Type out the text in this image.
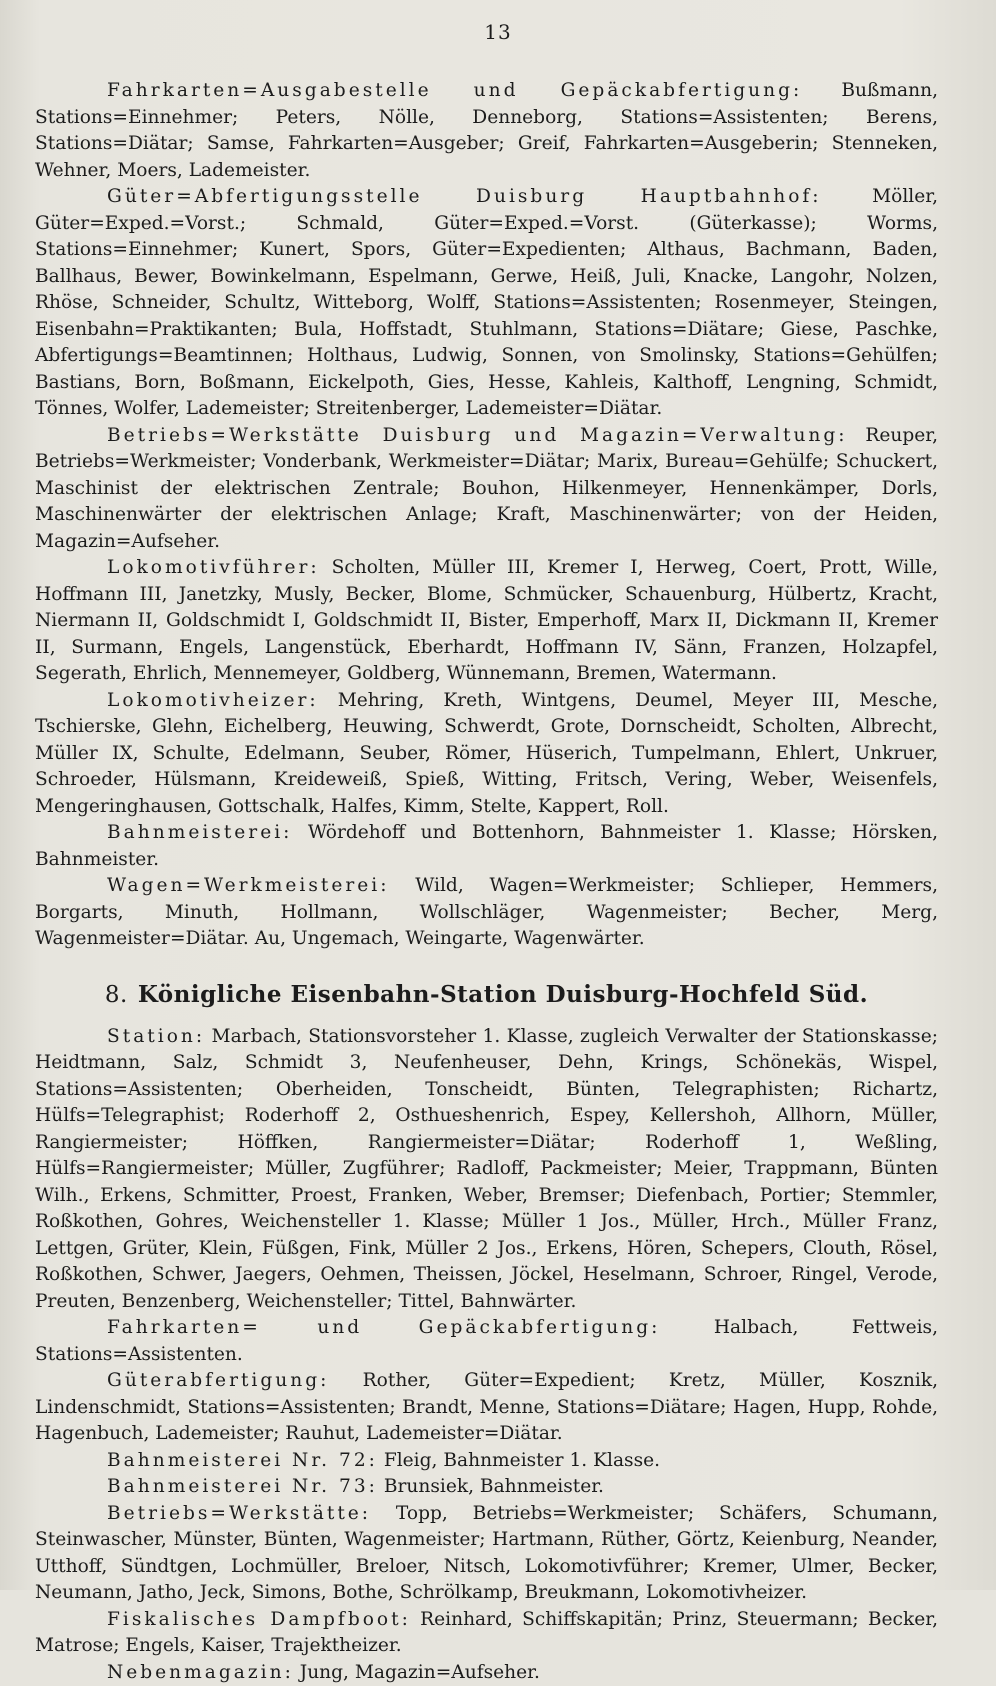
13

Fahrkarten=Ausgabestelle und Gepäckabfertigung: Bußmann, Stations=Einnehmer; Peters, Nölle, Denneborg, Stations=Assistenten; Berens, Stations=Diätar; Samse, Fahrkarten=Ausgeber; Greif, Fahrkarten=Ausgeberin; Stenneken, Wehner, Moers, Lademeister.

Güter=Abfertigungsstelle Duisburg Hauptbahnhof: Möller, Güter=Exped.=Vorst.; Schmald, Güter=Exped.=Vorst. (Güterkasse); Worms, Stations=Einnehmer; Kunert, Spors, Güter=Expedienten; Althaus, Bachmann, Baden, Ballhaus, Bewer, Bowinkelmann, Espelmann, Gerwe, Heiß, Juli, Knacke, Langohr, Nolzen, Rhöse, Schneider, Schultz, Witteborg, Wolff, Stations=Assistenten; Rosenmeyer, Steingen, Eisenbahn=Praktikanten; Bula, Hoffstadt, Stuhlmann, Stations=Diätare; Giese, Paschke, Abfertigungs=Beamtinnen; Holthaus, Ludwig, Sonnen, von Smolinsky, Stations=Gehülfen; Bastians, Born, Boßmann, Eickelpoth, Gies, Hesse, Kahleis, Kalthoff, Lengning, Schmidt, Tönnes, Wolfer, Lademeister; Streitenberger, Lademeister=Diätar.

Betriebs=Werkstätte Duisburg und Magazin=Verwaltung: Reuper, Betriebs=Werkmeister; Vonderbank, Werkmeister=Diätar; Marix, Bureau=Gehülfe; Schuckert, Maschinist der elektrischen Zentrale; Bouhon, Hilkenmeyer, Hennenkämper, Dorls, Maschinenwärter der elektrischen Anlage; Kraft, Maschinenwärter; von der Heiden, Magazin=Aufseher.

Lokomotivführer: Scholten, Müller III, Kremer I, Herweg, Coert, Prott, Wille, Hoffmann III, Janetzky, Musly, Becker, Blome, Schmücker, Schauenburg, Hülbertz, Kracht, Niermann II, Goldschmidt I, Goldschmidt II, Bister, Emperhoff, Marx II, Dickmann II, Kremer II, Surmann, Engels, Langenstück, Eberhardt, Hoffmann IV, Sänn, Franzen, Holzapfel, Segerath, Ehrlich, Mennemeyer, Goldberg, Wünnemann, Bremen, Watermann.

Lokomotivheizer: Mehring, Kreth, Wintgens, Deumel, Meyer III, Mesche, Tschierske, Glehn, Eichelberg, Heuwing, Schwerdt, Grote, Dornscheidt, Scholten, Albrecht, Müller IX, Schulte, Edelmann, Seuber, Römer, Hüserich, Tumpelmann, Ehlert, Unkruer, Schroeder, Hülsmann, Kreideweiß, Spieß, Witting, Fritsch, Vering, Weber, Weisenfels, Mengeringhausen, Gottschalk, Halfes, Kimm, Stelte, Kappert, Roll.

Bahnmeisterei: Wördehoff und Bottenhorn, Bahnmeister 1. Klasse; Hörsken, Bahnmeister.

Wagen=Werkmeisterei: Wild, Wagen=Werkmeister; Schlieper, Hemmers, Borgarts, Minuth, Hollmann, Wollschläger, Wagenmeister; Becher, Merg, Wagenmeister=Diätar. Au, Ungemach, Weingarte, Wagenwärter.

8. Königliche Eisenbahn-Station Duisburg-Hochfeld Süd.

Station: Marbach, Stationsvorsteher 1. Klasse, zugleich Verwalter der Stationskasse; Heidtmann, Salz, Schmidt 3, Neufenheuser, Dehn, Krings, Schönekäs, Wispel, Stations=Assistenten; Oberheiden, Tonscheidt, Bünten, Telegraphisten; Richartz, Hülfs=Telegraphist; Roderhoff 2, Osthueshenrich, Espey, Kellershoh, Allhorn, Müller, Rangiermeister; Höffken, Rangiermeister=Diätar; Roderhoff 1, Weßling, Hülfs=Rangiermeister; Müller, Zugführer; Radloff, Packmeister; Meier, Trappmann, Bünten Wilh., Erkens, Schmitter, Proest, Franken, Weber, Bremser; Diefenbach, Portier; Stemmler, Roßkothen, Gohres, Weichensteller 1. Klasse; Müller 1 Jos., Müller, Hrch., Müller Franz, Lettgen, Grüter, Klein, Füßgen, Fink, Müller 2 Jos., Erkens, Hören, Schepers, Clouth, Rösel, Roßkothen, Schwer, Jaegers, Oehmen, Theissen, Jöckel, Heselmann, Schroer, Ringel, Verode, Preuten, Benzenberg, Weichensteller; Tittel, Bahnwärter.

Fahrkarten= und Gepäckabfertigung: Halbach, Fettweis, Stations=Assistenten.

Güterabfertigung: Rother, Güter=Expedient; Kretz, Müller, Kosznik, Lindenschmidt, Stations=Assistenten; Brandt, Menne, Stations=Diätare; Hagen, Hupp, Rohde, Hagenbuch, Lademeister; Rauhut, Lademeister=Diätar.

Bahnmeisterei Nr. 72: Fleig, Bahnmeister 1. Klasse.

Bahnmeisterei Nr. 73: Brunsiek, Bahnmeister.

Betriebs=Werkstätte: Topp, Betriebs=Werkmeister; Schäfers, Schumann, Steinwascher, Münster, Bünten, Wagenmeister; Hartmann, Rüther, Görtz, Keienburg, Neander, Utthoff, Sündtgen, Lochmüller, Breloer, Nitsch, Lokomotivführer; Kremer, Ulmer, Becker, Neumann, Jatho, Jeck, Simons, Bothe, Schrölkamp, Breukmann, Lokomotivheizer.

Fiskalisches Dampfboot: Reinhard, Schiffskapitän; Prinz, Steuermann; Becker, Matrose; Engels, Kaiser, Trajektheizer.

Nebenmagazin: Jung, Magazin=Aufseher.
